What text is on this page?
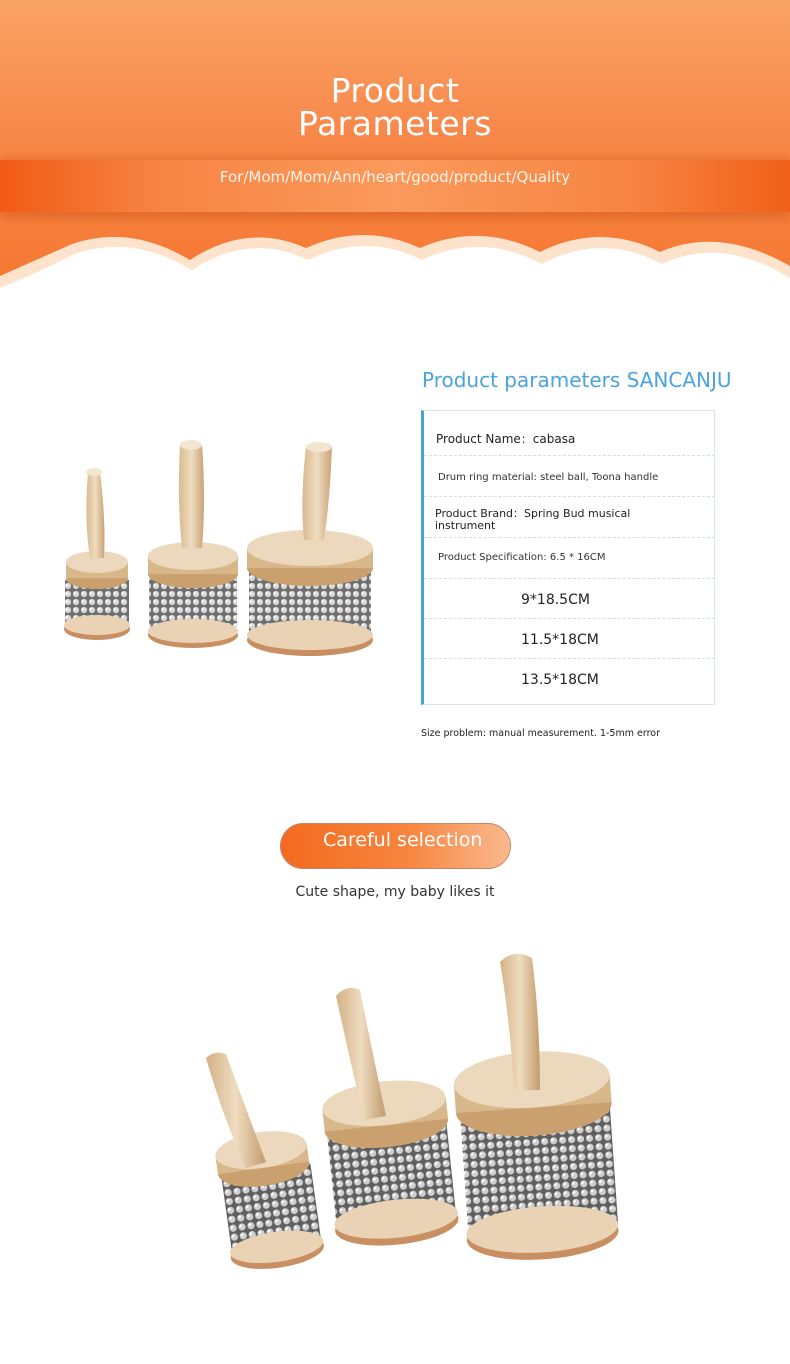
Product
Parameters
For/Mom/Mom/Ann/heart/good/product/Quality
Product parameters SANCANJU
Product Name：cabasa
Drum ring material: steel ball, Toona handle
Product Brand：Spring Bud musical instrument
Product Specification: 6.5 * 16CM
9*18.5CM
11.5*18CM
13.5*18CM
Size problem: manual measurement. 1-5mm error
Careful selection
Cute shape, my baby likes it
